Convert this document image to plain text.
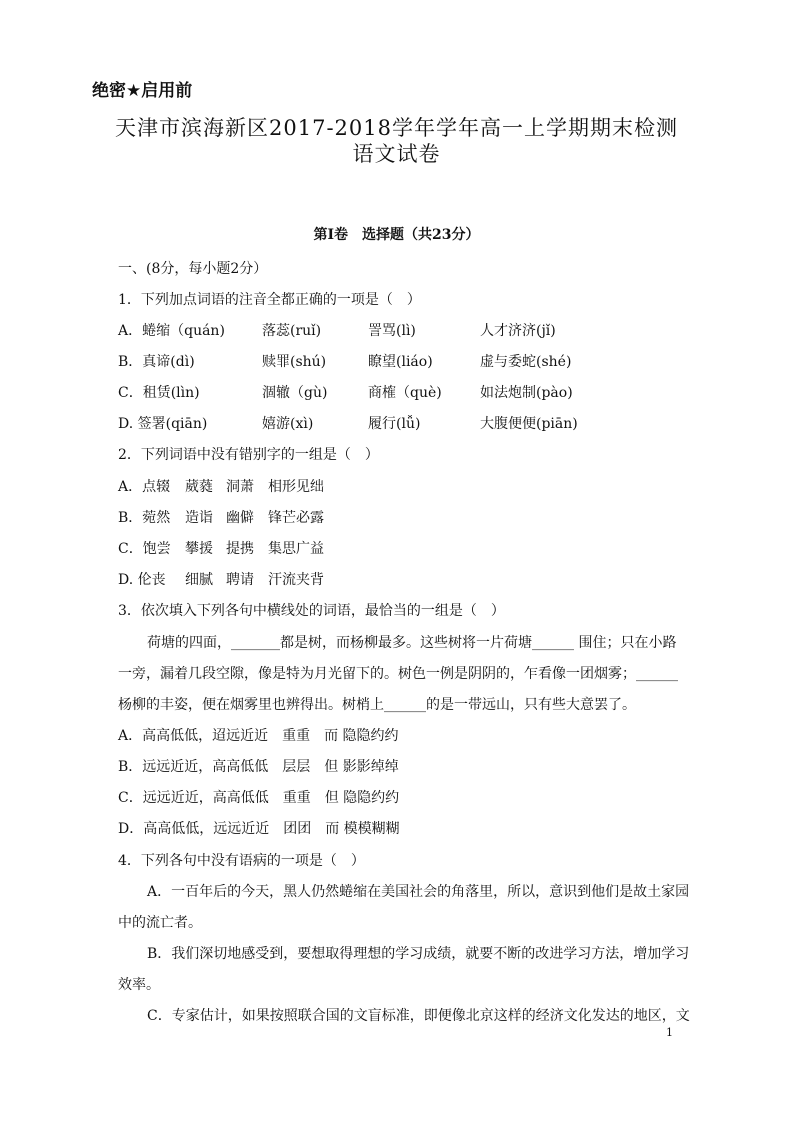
绝密★启用前
天津市滨海新区2017-2018学年学年高一上学期期末检测
语文试卷
第Ⅰ卷　选择题（共23分）
一、(8分，每小题2分）
1．下列加点词语的注音全都正确的一项是（　）
A．蜷缩（quán)	落蕊(ruǐ)	詈骂(lì)	人才济济(jǐ)
B．真谛(dì)	赎罪(shú)	瞭望(liáo)	虚与委蛇(shé)
C．租赁(lìn)	涸辙（gù)	商榷（què)	如法炮制(pào)
D. 签署(qiān)	嬉游(xì)	履行(lǚ)	大腹便便(piān)
2．下列词语中没有错别字的一组是（　）
A．点辍 葳蕤 洞萧 相形见绌
B．菀然 造诣 幽僻 锋芒必露
C．饱尝 攀援 提携 集思广益
D. 伦丧 细腻 聘请 汗流夹背
3．依次填入下列各句中横线处的词语，最恰当的一组是（　）
荷塘的四面，_______都是树，而杨柳最多。这些树将一片荷塘______ 围住；只在小路
一旁，漏着几段空隙，像是特为月光留下的。树色一例是阴阴的，乍看像一团烟雾；______
杨柳的丰姿，便在烟雾里也辨得出。树梢上______的是一带远山，只有些大意罢了。
A．高高低低，迢远近近　重重　而 隐隐约约
B．远远近近，高高低低　层层　但 影影绰绰
C．远远近近，高高低低　重重　但 隐隐约约
D．高高低低，远远近近　团团　而 模模糊糊
4．下列各句中没有语病的一项是（　）
A．一百年后的今天，黑人仍然蜷缩在美国社会的角落里，所以，意识到他们是故土家园
中的流亡者。
B．我们深切地感受到，要想取得理想的学习成绩，就要不断的改进学习方法，增加学习
效率。
C．专家估计，如果按照联合国的文盲标准，即便像北京这样的经济文化发达的地区，文
1
